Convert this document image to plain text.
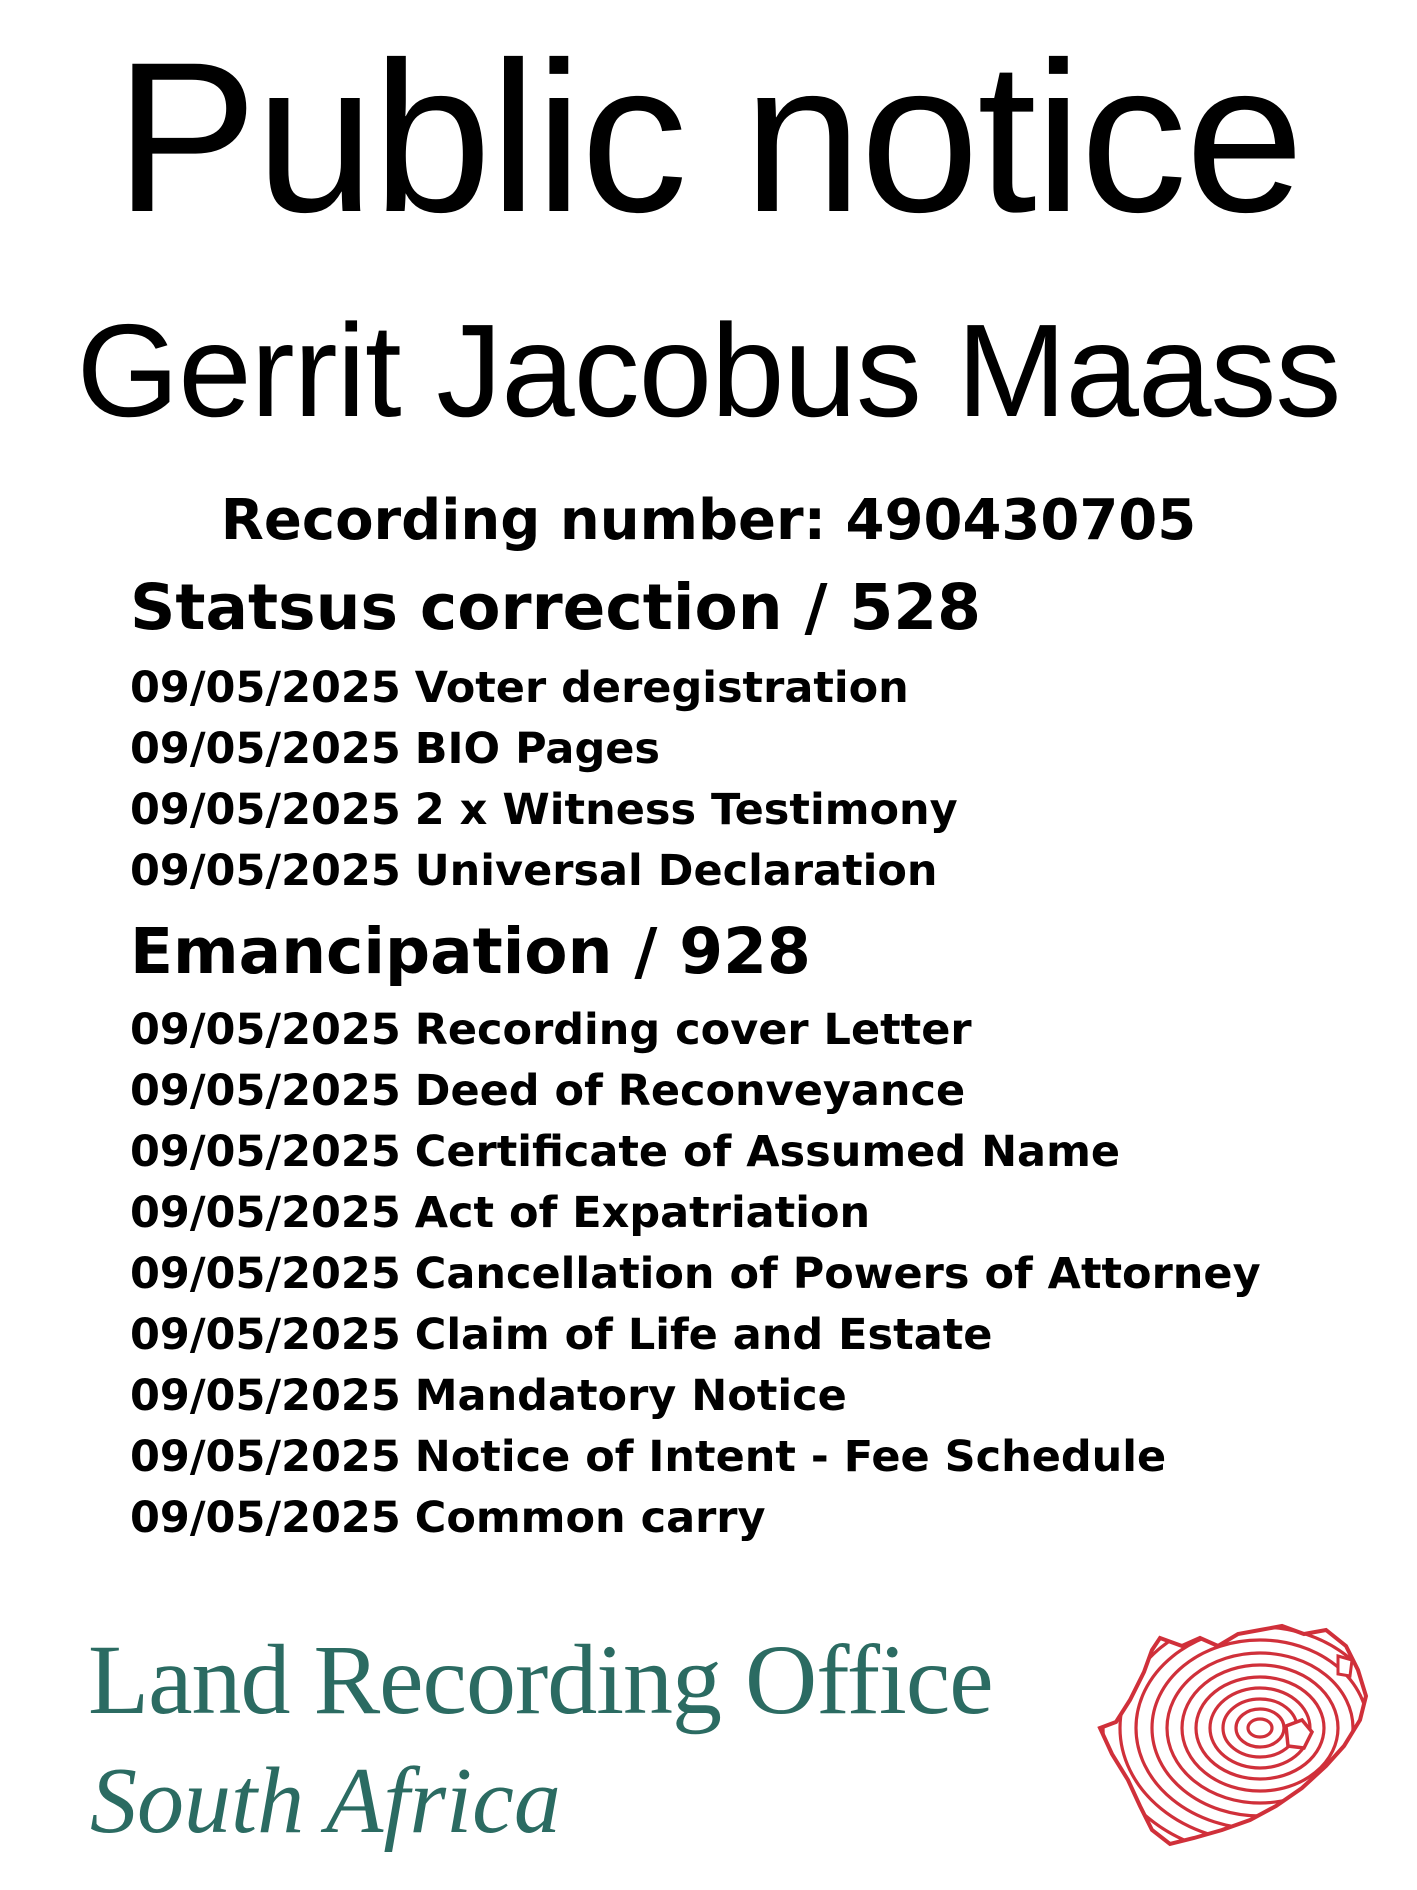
Public notice
Gerrit Jacobus Maass
Recording number: 490430705
Statsus correction / 528
09/05/2025 Voter deregistration
09/05/2025 BIO Pages
09/05/2025 2 x Witness Testimony
09/05/2025 Universal Declaration
Emancipation / 928
09/05/2025 Recording cover Letter
09/05/2025 Deed of Reconveyance
09/05/2025 Certificate of Assumed Name
09/05/2025 Act of Expatriation
09/05/2025 Cancellation of Powers of Attorney
09/05/2025 Claim of Life and Estate
09/05/2025 Mandatory Notice
09/05/2025 Notice of Intent - Fee Schedule
09/05/2025 Common carry
Land Recording Office
South Africa
